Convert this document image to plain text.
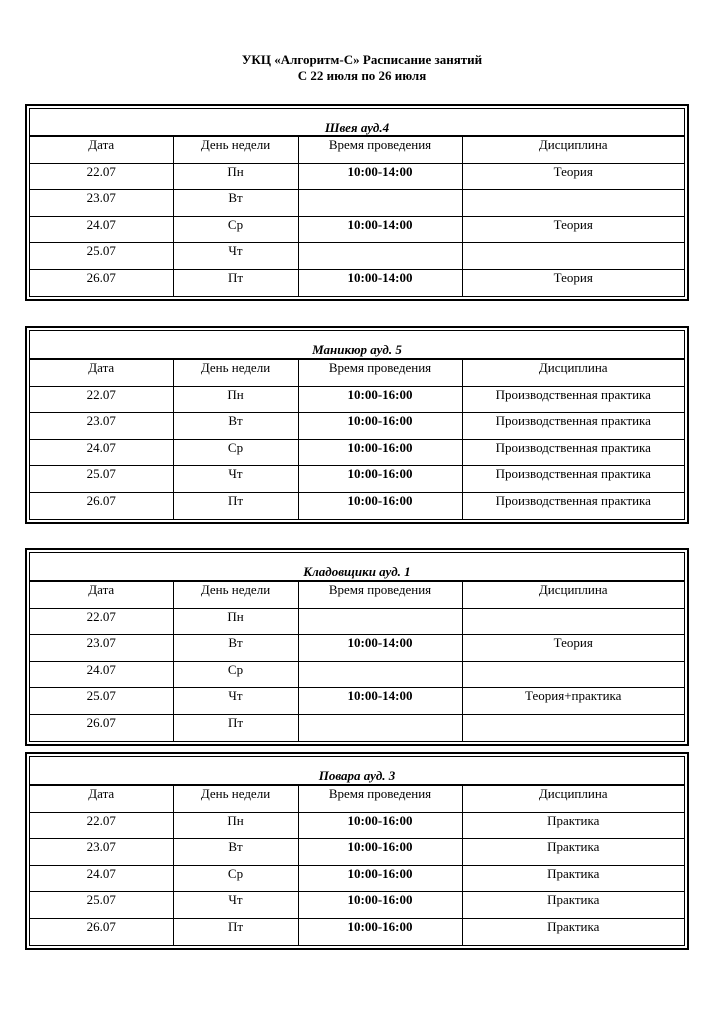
УКЦ «Алгоритм-С» Расписание занятий
С 22 июля по 26 июля
Швея ауд.4
Дата	День недели	Время проведения	Дисциплина
22.07	Пн	10:00-14:00	Теория
23.07	Вт		
24.07	Ср	10:00-14:00	Теория
25.07	Чт		
26.07	Пт	10:00-14:00	Теория
Маникюр ауд. 5
Дата	День недели	Время проведения	Дисциплина
22.07	Пн	10:00-16:00	Производственная практика
23.07	Вт	10:00-16:00	Производственная практика
24.07	Ср	10:00-16:00	Производственная практика
25.07	Чт	10:00-16:00	Производственная практика
26.07	Пт	10:00-16:00	Производственная практика
Кладовщики ауд. 1
Дата	День недели	Время проведения	Дисциплина
22.07	Пн		
23.07	Вт	10:00-14:00	Теория
24.07	Ср		
25.07	Чт	10:00-14:00	Теория+практика
26.07	Пт		
Повара ауд. 3
Дата	День недели	Время проведения	Дисциплина
22.07	Пн	10:00-16:00	Практика
23.07	Вт	10:00-16:00	Практика
24.07	Ср	10:00-16:00	Практика
25.07	Чт	10:00-16:00	Практика
26.07	Пт	10:00-16:00	Практика
